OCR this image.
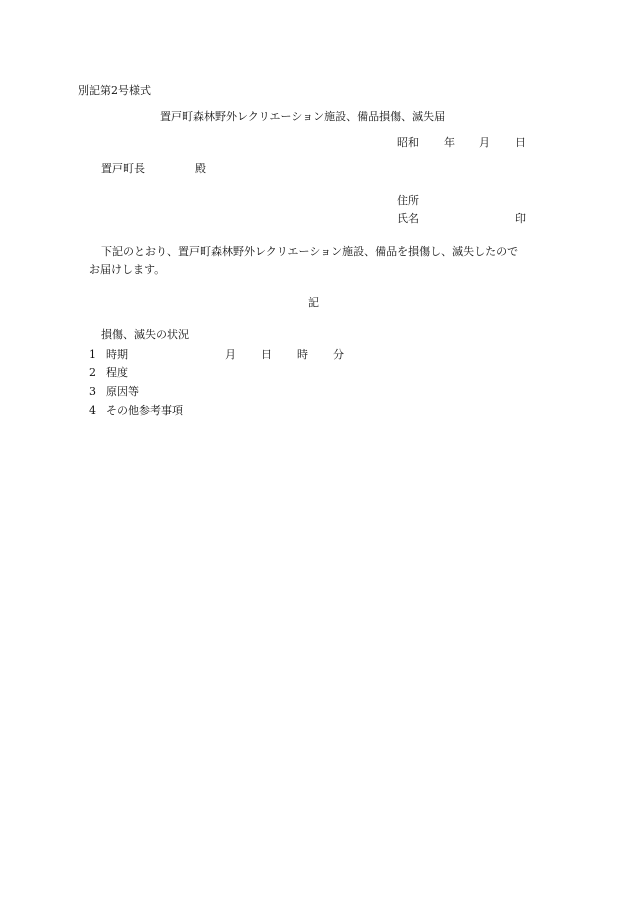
別記第2号様式
置戸町森林野外レクリエーション施設、備品損傷、滅失届
昭和 年 月 日
置戸町長	殿
住所
氏名	印
下記のとおり、置戸町森林野外レクリエーション施設、備品を損傷し、滅失したので
お届けします。
記
損傷、滅失の状況
1 時期	月 日 時 分
2 程度
3 原因等
4 その他参考事項
